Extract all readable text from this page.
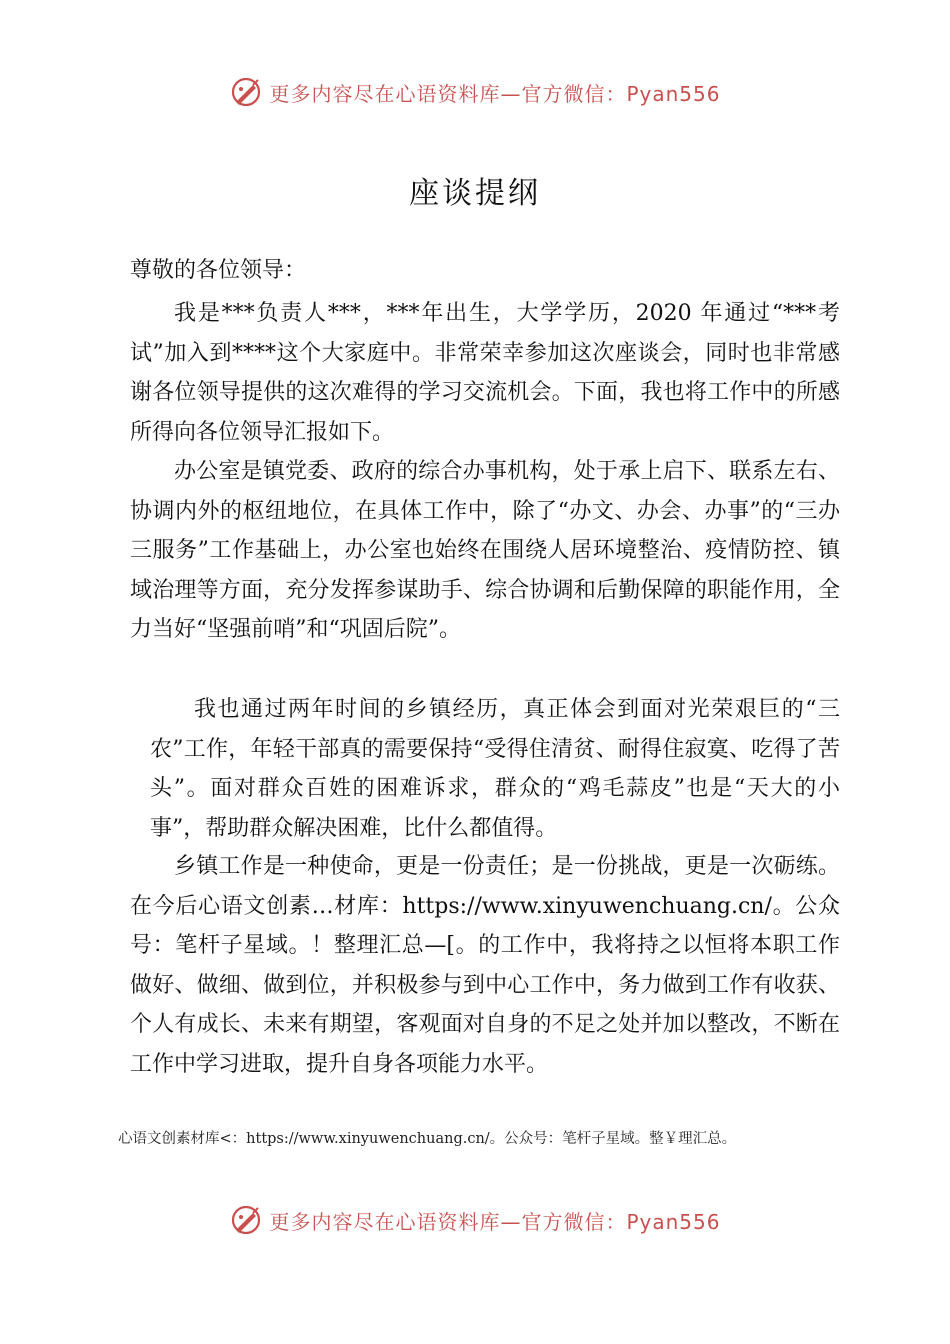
更多内容尽在心语资料库—官方微信：Pyan556
座谈提纲
尊敬的各位领导：

我是***负责人***，***年出生，大学学历，2020 年通过“***考试”加入到****这个大家庭中。非常荣幸参加这次座谈会，同时也非常感谢各位领导提供的这次难得的学习交流机会。下面，我也将工作中的所感所得向各位领导汇报如下。

办公室是镇党委、政府的综合办事机构，处于承上启下、联系左右、协调内外的枢纽地位，在具体工作中，除了“办文、办会、办事”的“三办三服务”工作基础上，办公室也始终在围绕人居环境整治、疫情防控、镇域治理等方面，充分发挥参谋助手、综合协调和后勤保障的职能作用，全力当好“坚强前哨”和“巩固后院”。

我也通过两年时间的乡镇经历，真正体会到面对光荣艰巨的“三农”工作，年轻干部真的需要保持“受得住清贫、耐得住寂寞、吃得了苦头”。面对群众百姓的困难诉求，群众的“鸡毛蒜皮”也是“天大的小事”，帮助群众解决困难，比什么都值得。

乡镇工作是一种使命，更是一份责任；是一份挑战，更是一次砺练。在今后心语文创素…材库：https://www.xinyuwenchuang.cn/。公众号：笔杆子星域。！整理汇总—[。的工作中，我将持之以恒将本职工作做好、做细、做到位，并积极参与到中心工作中，务力做到工作有收获、个人有成长、未来有期望，客观面对自身的不足之处并加以整改，不断在工作中学习进取，提升自身各项能力水平。

心语文创素材库<：https://www.xinyuwenchuang.cn/。公众号：笔杆子星域。整￥理汇总。
更多内容尽在心语资料库—官方微信：Pyan556
